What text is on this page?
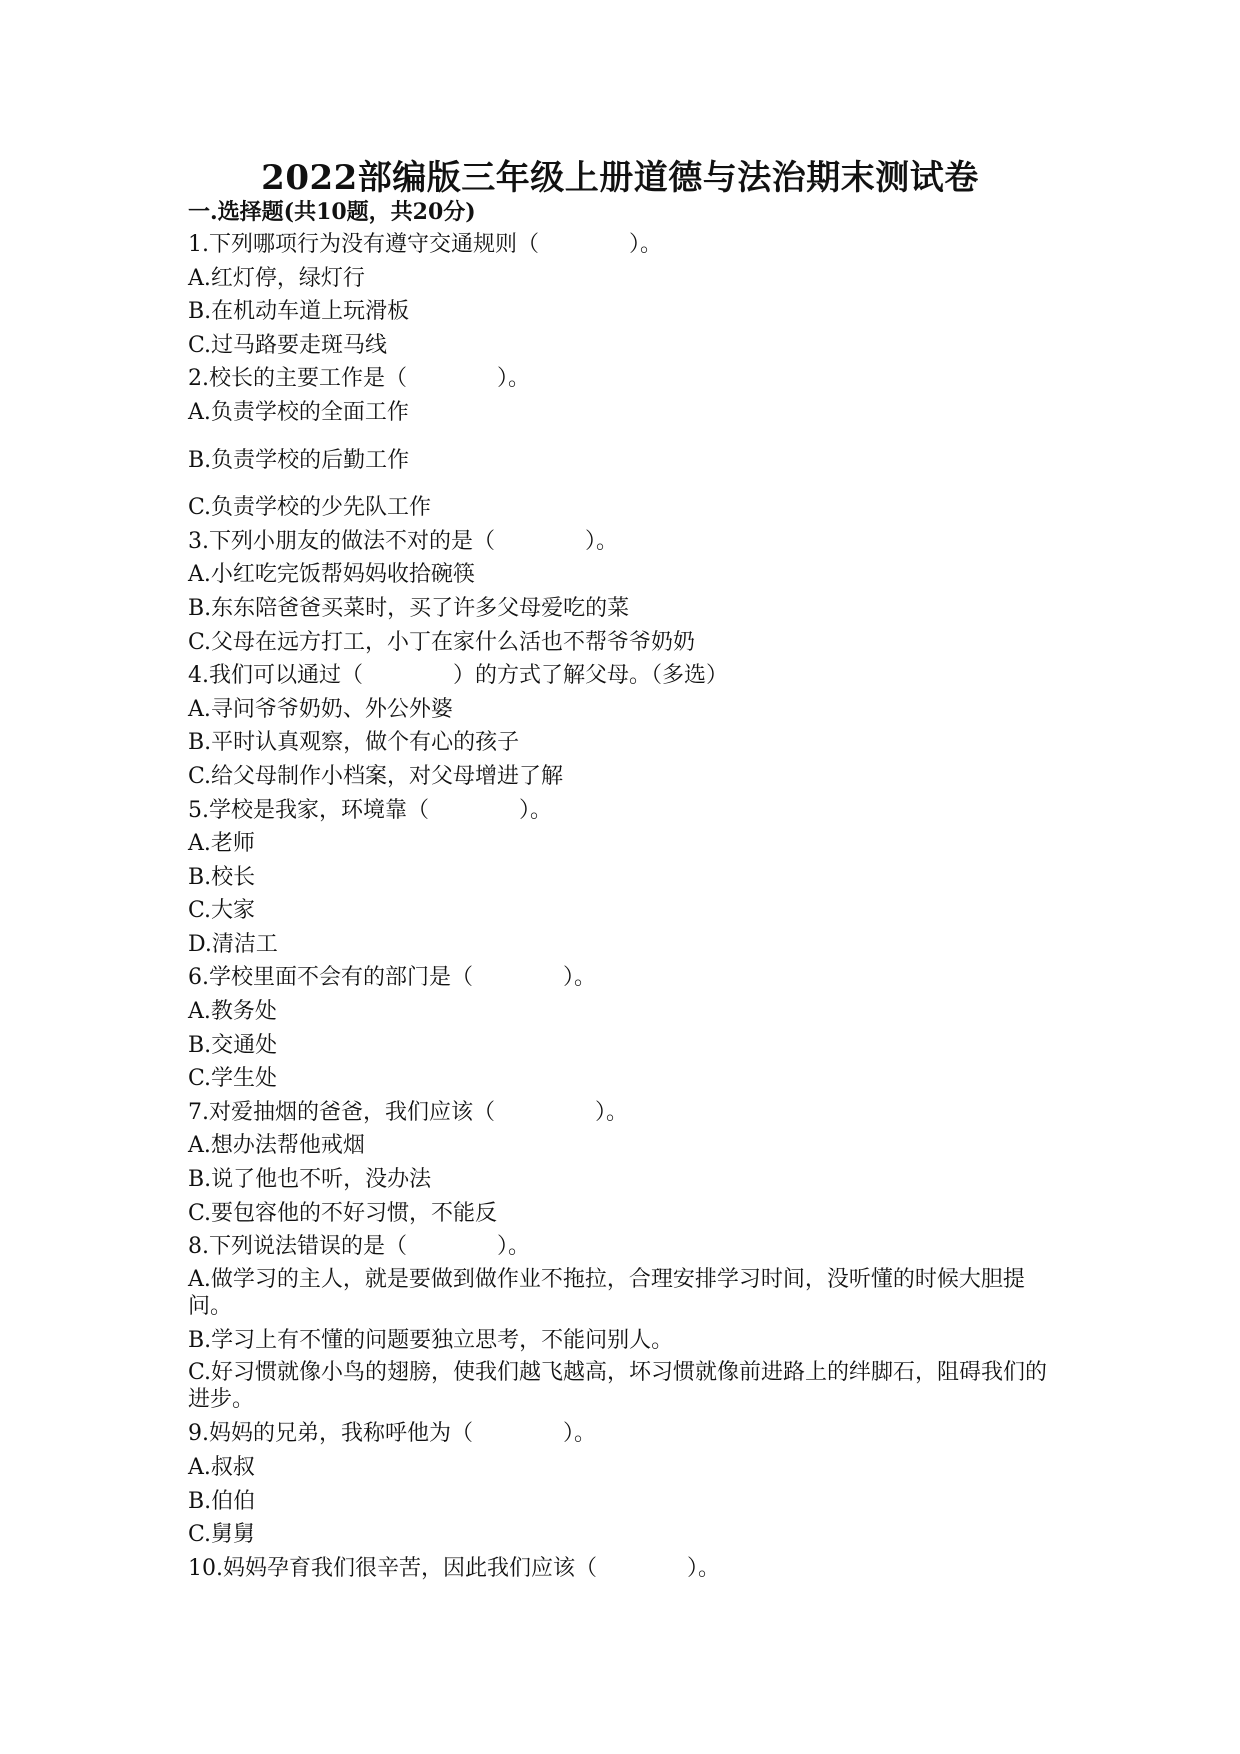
2022部编版三年级上册道德与法治期末测试卷
一.选择题(共10题，共20分)
1.下列哪项行为没有遵守交通规则（	）。
A.红灯停，绿灯行
B.在机动车道上玩滑板
C.过马路要走斑马线
2.校长的主要工作是（	）。
A.负责学校的全面工作
B.负责学校的后勤工作
C.负责学校的少先队工作
3.下列小朋友的做法不对的是（	）。
A.小红吃完饭帮妈妈收拾碗筷
B.东东陪爸爸买菜时，买了许多父母爱吃的菜
C.父母在远方打工，小丁在家什么活也不帮爷爷奶奶
4.我们可以通过（	）的方式了解父母。（多选）
A.寻问爷爷奶奶、外公外婆
B.平时认真观察，做个有心的孩子
C.给父母制作小档案，对父母增进了解
5.学校是我家，环境靠（	）。
A.老师
B.校长
C.大家
D.清洁工
6.学校里面不会有的部门是（	）。
A.教务处
B.交通处
C.学生处
7.对爱抽烟的爸爸，我们应该（	）。
A.想办法帮他戒烟
B.说了他也不听，没办法
C.要包容他的不好习惯，不能反
8.下列说法错误的是（	）。
A.做学习的主人，就是要做到做作业不拖拉，合理安排学习时间，没听懂的时候大胆提问。
B.学习上有不懂的问题要独立思考，不能问别人。
C.好习惯就像小鸟的翅膀，使我们越飞越高，坏习惯就像前进路上的绊脚石，阻碍我们的进步。
9.妈妈的兄弟，我称呼他为（	）。
A.叔叔
B.伯伯
C.舅舅
10.妈妈孕育我们很辛苦，因此我们应该（	）。
